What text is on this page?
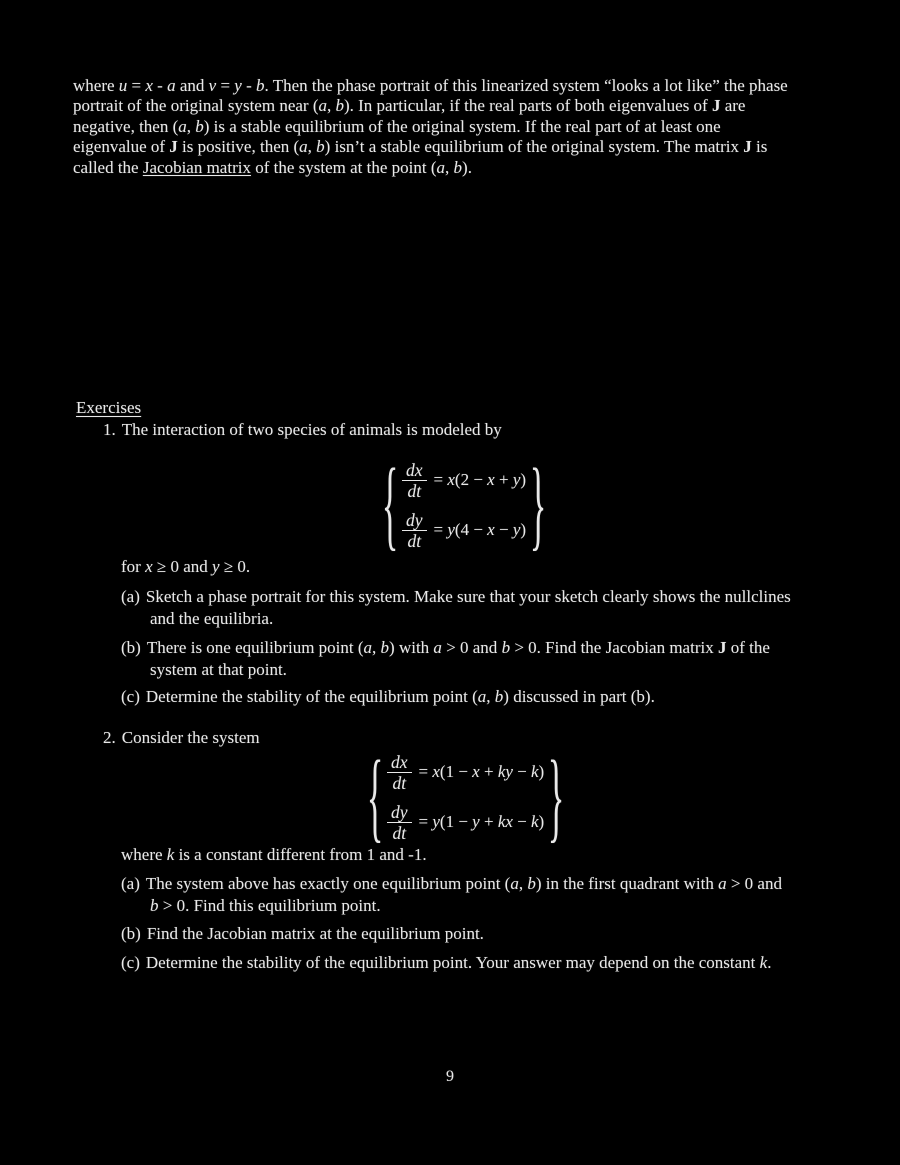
where u = x - a and v = y - b. Then the phase portrait of this linearized system “looks a lot like” the phase
portrait of the original system near (a, b). In particular, if the real parts of both eigenvalues of J are
negative, then (a, b) is a stable equilibrium of the original system. If the real part of at least one
eigenvalue of J is positive, then (a, b) isn’t a stable equilibrium of the original system. The matrix J is
called the Jacobian matrix of the system at the point (a, b).
Exercises
1. The interaction of two species of animals is modeled by
{ $\frac{dx}{dt} = x(2 - x + y)$
$\frac{dy}{dt} = y(4 - x - y)$ }
for x ≥ 0 and y ≥ 0.
(a) Sketch a phase portrait for this system. Make sure that your sketch clearly shows the nullclines
and the equilibria.
(b) There is one equilibrium point (a, b) with a > 0 and b > 0. Find the Jacobian matrix J of the
system at that point.
(c) Determine the stability of the equilibrium point (a, b) discussed in part (b).
2. Consider the system
{ $\frac{dx}{dt} = x(1 - x$ + ky − k)
$\frac{dy}{dt} = y(1 - y$ + kx − k) }
where k is a constant different from 1 and -1.
(a) The system above has exactly one equilibrium point (a, b) in the first quadrant with a > 0 and
b > 0. Find this equilibrium point.
(b) Find the Jacobian matrix at the equilibrium point.
(c) Determine the stability of the equilibrium point. Your answer may depend on the constant k.
9
